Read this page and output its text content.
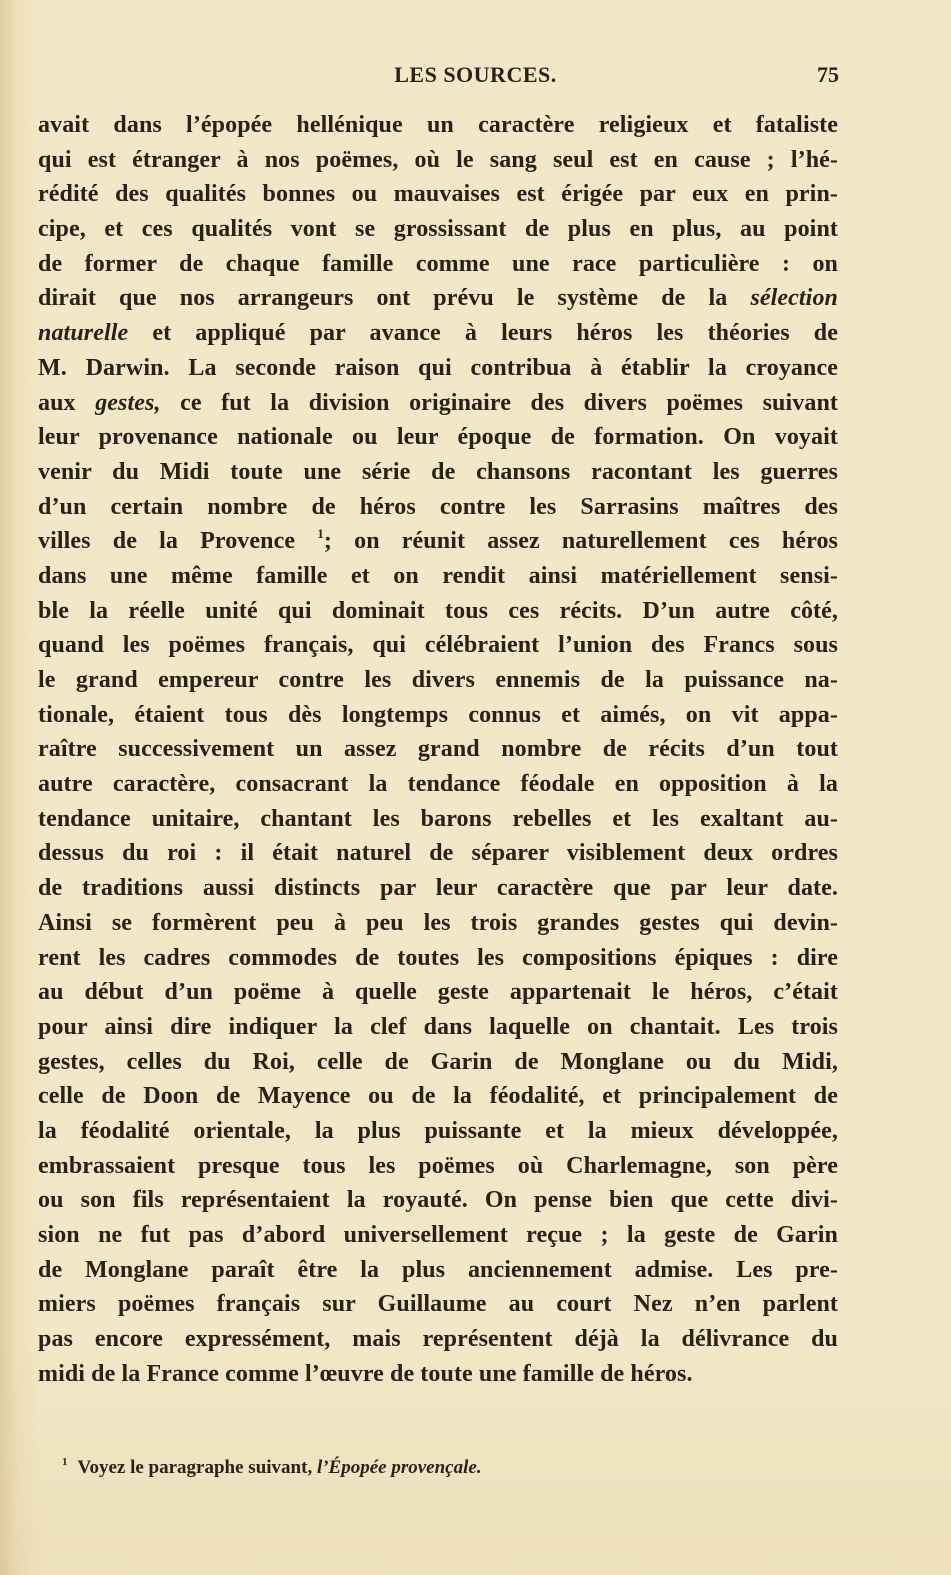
LES SOURCES.	75
avait dans l’épopée hellénique un caractère religieux et fataliste
qui est étranger à nos poëmes, où le sang seul est en cause ; l’hé-
rédité des qualités bonnes ou mauvaises est érigée par eux en prin-
cipe, et ces qualités vont se grossissant de plus en plus, au point
de former de chaque famille comme une race particulière : on
dirait que nos arrangeurs ont prévu le système de la sélection
naturelle et appliqué par avance à leurs héros les théories de
M. Darwin. La seconde raison qui contribua à établir la croyance
aux gestes, ce fut la division originaire des divers poëmes suivant
leur provenance nationale ou leur époque de formation. On voyait
venir du Midi toute une série de chansons racontant les guerres
d’un certain nombre de héros contre les Sarrasins maîtres des
villes de la Provence $^1$; on réunit assez naturellement ces héros
dans une même famille et on rendit ainsi matériellement sensi-
ble la réelle unité qui dominait tous ces récits. D’un autre côté,
quand les poëmes français, qui célébraient l’union des Francs sous
le grand empereur contre les divers ennemis de la puissance na-
tionale, étaient tous dès longtemps connus et aimés, on vit appa-
raître successivement un assez grand nombre de récits d’un tout
autre caractère, consacrant la tendance féodale en opposition à la
tendance unitaire, chantant les barons rebelles et les exaltant au-
dessus du roi : il était naturel de séparer visiblement deux ordres
de traditions aussi distincts par leur caractère que par leur date.
Ainsi se formèrent peu à peu les trois grandes gestes qui devin-
rent les cadres commodes de toutes les compositions épiques : dire
au début d’un poëme à quelle geste appartenait le héros, c’était
pour ainsi dire indiquer la clef dans laquelle on chantait. Les trois
gestes, celles du Roi, celle de Garin de Monglane ou du Midi,
celle de Doon de Mayence ou de la féodalité, et principalement de
la féodalité orientale, la plus puissante et la mieux développée,
embrassaient presque tous les poëmes où Charlemagne, son père
ou son fils représentaient la royauté. On pense bien que cette divi-
sion ne fut pas d’abord universellement reçue ; la geste de Garin
de Monglane paraît être la plus anciennement admise. Les pre-
miers poëmes français sur Guillaume au court Nez n’en parlent
pas encore expressément, mais représentent déjà la délivrance du
midi de la France comme l’œuvre de toute une famille de héros.
$^1$ Voyez le paragraphe suivant, l’Épopée provençale.
